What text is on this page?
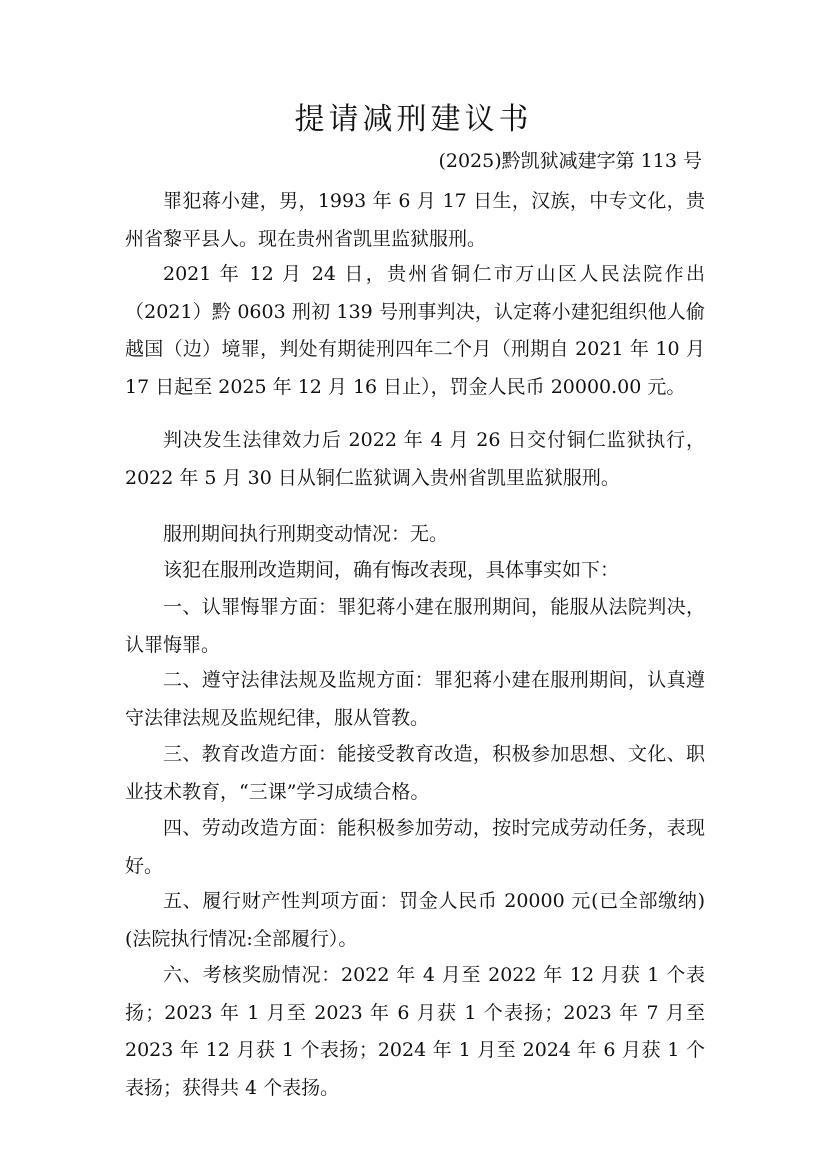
提请减刑建议书
(2025)黔凯狱减建字第 113 号

罪犯蒋小建，男，1993 年 6 月 17 日生，汉族，中专文化，贵州省黎平县人。现在贵州省凯里监狱服刑。

2021 年 12 月 24 日，贵州省铜仁市万山区人民法院作出（2021）黔 0603 刑初 139 号刑事判决，认定蒋小建犯组织他人偷越国（边）境罪，判处有期徒刑四年二个月（刑期自 2021 年 10 月 17 日起至 2025 年 12 月 16 日止），罚金人民币 20000.00 元。

判决发生法律效力后 2022 年 4 月 26 日交付铜仁监狱执行，2022 年 5 月 30 日从铜仁监狱调入贵州省凯里监狱服刑。

服刑期间执行刑期变动情况：无。

该犯在服刑改造期间，确有悔改表现，具体事实如下：

一、认罪悔罪方面：罪犯蒋小建在服刑期间，能服从法院判决，认罪悔罪。

二、遵守法律法规及监规方面：罪犯蒋小建在服刑期间，认真遵守法律法规及监规纪律，服从管教。

三、教育改造方面：能接受教育改造，积极参加思想、文化、职业技术教育，“三课”学习成绩合格。

四、劳动改造方面：能积极参加劳动，按时完成劳动任务，表现好。

五、履行财产性判项方面：罚金人民币 20000 元(已全部缴纳)(法院执行情况:全部履行）。

六、考核奖励情况：2022 年 4 月至 2022 年 12 月获 1 个表扬；2023 年 1 月至 2023 年 6 月获 1 个表扬；2023 年 7 月至 2023 年 12 月获 1 个表扬；2024 年 1 月至 2024 年 6 月获 1 个表扬；获得共 4 个表扬。
